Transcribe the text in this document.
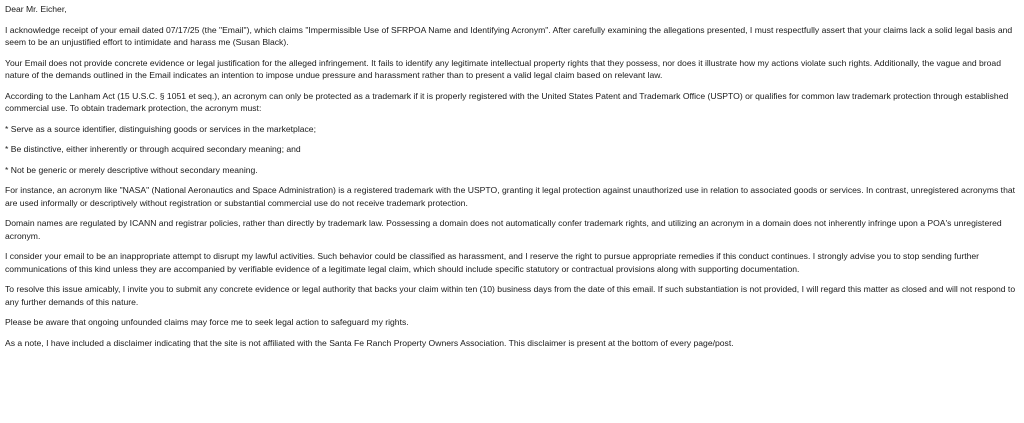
Dear Mr. Eicher,

I acknowledge receipt of your email dated 07/17/25 (the "Email"), which claims "Impermissible Use of SFRPOA Name and Identifying Acronym". After carefully examining the allegations presented, I must respectfully assert that your claims lack a solid legal basis and seem to be an unjustified effort to intimidate and harass me (Susan Black).

Your Email does not provide concrete evidence or legal justification for the alleged infringement. It fails to identify any legitimate intellectual property rights that they possess, nor does it illustrate how my actions violate such rights. Additionally, the vague and broad nature of the demands outlined in the Email indicates an intention to impose undue pressure and harassment rather than to present a valid legal claim based on relevant law.

According to the Lanham Act (15 U.S.C. § 1051 et seq.), an acronym can only be protected as a trademark if it is properly registered with the United States Patent and Trademark Office (USPTO) or qualifies for common law trademark protection through established commercial use. To obtain trademark protection, the acronym must:

* Serve as a source identifier, distinguishing goods or services in the marketplace;

* Be distinctive, either inherently or through acquired secondary meaning; and

* Not be generic or merely descriptive without secondary meaning.

For instance, an acronym like "NASA" (National Aeronautics and Space Administration) is a registered trademark with the USPTO, granting it legal protection against unauthorized use in relation to associated goods or services. In contrast, unregistered acronyms that are used informally or descriptively without registration or substantial commercial use do not receive trademark protection.

Domain names are regulated by ICANN and registrar policies, rather than directly by trademark law. Possessing a domain does not automatically confer trademark rights, and utilizing an acronym in a domain does not inherently infringe upon a POA's unregistered acronym.

I consider your email to be an inappropriate attempt to disrupt my lawful activities. Such behavior could be classified as harassment, and I reserve the right to pursue appropriate remedies if this conduct continues. I strongly advise you to stop sending further communications of this kind unless they are accompanied by verifiable evidence of a legitimate legal claim, which should include specific statutory or contractual provisions along with supporting documentation.

To resolve this issue amicably, I invite you to submit any concrete evidence or legal authority that backs your claim within ten (10) business days from the date of this email. If such substantiation is not provided, I will regard this matter as closed and will not respond to any further demands of this nature.

Please be aware that ongoing unfounded claims may force me to seek legal action to safeguard my rights.

As a note, I have included a disclaimer indicating that the site is not affiliated with the Santa Fe Ranch Property Owners Association. This disclaimer is present at the bottom of every page/post.
